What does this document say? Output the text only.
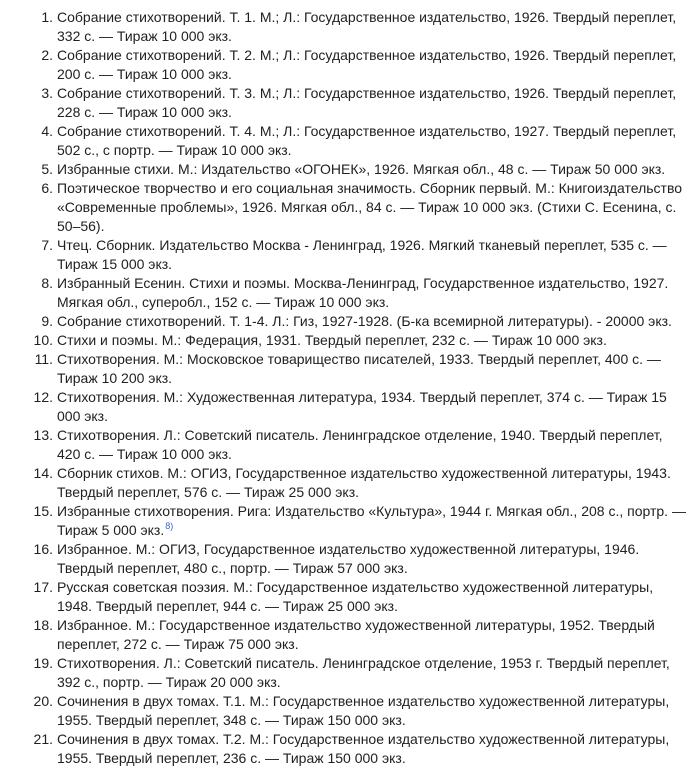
1. Собрание стихотворений. Т. 1. М.; Л.: Государственное издательство, 1926. Твердый переплет, 332 с. — Тираж 10 000 экз.
2. Собрание стихотворений. Т. 2. М.; Л.: Государственное издательство, 1926. Твердый переплет, 200 с. — Тираж 10 000 экз.
3. Собрание стихотворений. Т. 3. М.; Л.: Государственное издательство, 1926. Твердый переплет, 228 с. — Тираж 10 000 экз.
4. Собрание стихотворений. Т. 4. М.; Л.: Государственное издательство, 1927. Твердый переплет, 502 с., с портр. — Тираж 10 000 экз.
5. Избранные стихи. М.: Издательство «ОГОНЕК», 1926. Мягкая обл., 48 с. — Тираж 50 000 экз.
6. Поэтическое творчество и его социальная значимость. Сборник первый. М.: Книгоиздательство «Современные проблемы», 1926. Мягкая обл., 84 с. — Тираж 10 000 экз. (Стихи С. Есенина, с. 50–56).
7. Чтец. Сборник. Издательство Москва - Ленинград, 1926. Мягкий тканевый переплет, 535 с. — Тираж 15 000 экз.
8. Избранный Есенин. Стихи и поэмы. Москва-Ленинград, Государственное издательство, 1927. Мягкая обл., суперобл., 152 с. — Тираж 10 000 экз.
9. Собрание стихотворений. Т. 1-4. Л.: Гиз, 1927-1928. (Б-ка всемирной литературы). - 20000 экз.
10. Стихи и поэмы. М.: Федерация, 1931. Твердый переплет, 232 с. — Тираж 10 000 экз.
11. Стихотворения. М.: Московское товарищество писателей, 1933. Твердый переплет, 400 с. — Тираж 10 200 экз.
12. Стихотворения. М.: Художественная литература, 1934. Твердый переплет, 374 с. — Тираж 15 000 экз.
13. Стихотворения. Л.: Советский писатель. Ленинградское отделение, 1940. Твердый переплет, 420 с. — Тираж 10 000 экз.
14. Сборник стихов. М.: ОГИЗ, Государственное издательство художественной литературы, 1943. Твердый переплет, 576 с. — Тираж 25 000 экз.
15. Избранные стихотворения. Рига: Издательство «Культура», 1944 г. Мягкая обл., 208 с., портр. — Тираж 5 000 экз.$^{8)}$
16. Избранное. М.: ОГИЗ, Государственное издательство художественной литературы, 1946. Твердый переплет, 480 с., портр. — Тираж 57 000 экз.
17. Русская советская поэзия. М.: Государственное издательство художественной литературы, 1948. Твердый переплет, 944 с. — Тираж 25 000 экз.
18. Избранное. М.: Государственное издательство художественной литературы, 1952. Твердый переплет, 272 с. — Тираж 75 000 экз.
19. Стихотворения. Л.: Советский писатель. Ленинградское отделение, 1953 г. Твердый переплет, 392 с., портр. — Тираж 20 000 экз.
20. Сочинения в двух томах. Т.1. М.: Государственное издательство художественной литературы, 1955. Твердый переплет, 348 с. — Тираж 150 000 экз.
21. Сочинения в двух томах. Т.2. М.: Государственное издательство художественной литературы, 1955. Твердый переплет, 236 с. — Тираж 150 000 экз.
